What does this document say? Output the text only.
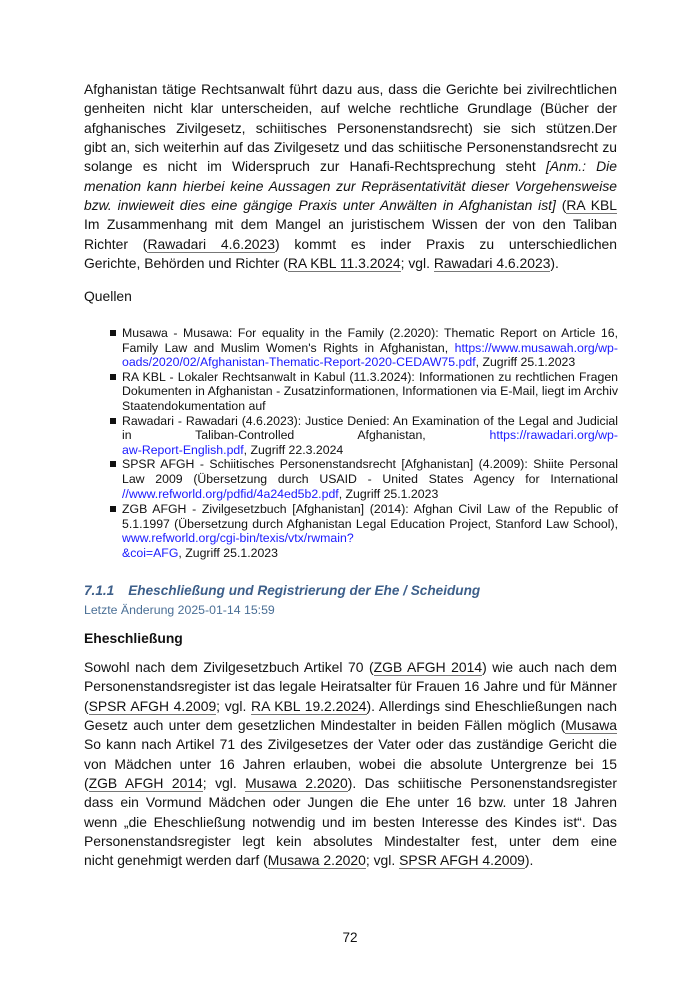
Afghanistan tätige Rechtsanwalt führt dazu aus, dass die Gerichte bei zivilrechtlichen
genheiten nicht klar unterscheiden, auf welche rechtliche Grundlage (Bücher der
afghanisches Zivilgesetz, schiitisches Personenstandsrecht) sie sich stützen.Der
gibt an, sich weiterhin auf das Zivilgesetz und das schiitische Personenstandsrecht zu
solange es nicht im Widerspruch zur Hanafi-Rechtsprechung steht [Anm.: Die
menation kann hierbei keine Aussagen zur Repräsentativität dieser Vorgehensweise
bzw. inwieweit dies eine gängige Praxis unter Anwälten in Afghanistan ist] (RA KBL
Im Zusammenhang mit dem Mangel an juristischem Wissen der von den Taliban
Richter (Rawadari 4.6.2023) kommt es inder Praxis zu unterschiedlichen
Gerichte, Behörden und Richter (RA KBL 11.3.2024; vgl. Rawadari 4.6.2023).
Quellen
Musawa - Musawa: For equality in the Family (2.2020): Thematic Report on Article 16,
Family Law and Muslim Women's Rights in Afghanistan, https://www.musawah.org/wp-
oads/2020/02/Afghanistan-Thematic-Report-2020-CEDAW75.pdf, Zugriff 25.1.2023
RA KBL - Lokaler Rechtsanwalt in Kabul (11.3.2024): Informationen zu rechtlichen Fragen
Dokumenten in Afghanistan - Zusatzinformationen, Informationen via E-Mail, liegt im Archiv
Staatendokumentation auf
Rawadari - Rawadari (4.6.2023): Justice Denied: An Examination of the Legal and Judicial
in Taliban-Controlled Afghanistan, https://rawadari.org/wp-
aw-Report-English.pdf, Zugriff 22.3.2024
SPSR AFGH - Schiitisches Personenstandsrecht [Afghanistan] (4.2009): Shiite Personal
Law 2009 (Übersetzung durch USAID - United States Agency for International
//www.refworld.org/pdfid/4a24ed5b2.pdf, Zugriff 25.1.2023
ZGB AFGH - Zivilgesetzbuch [Afghanistan] (2014): Afghan Civil Law of the Republic of
5.1.1997 (Übersetzung durch Afghanistan Legal Education Project, Stanford Law School),
www.refworld.org/cgi-bin/texis/vtx/rwmain?
&coi=AFG, Zugriff 25.1.2023
7.1.1 Eheschließung und Registrierung der Ehe / Scheidung
Letzte Änderung 2025-01-14 15:59
Eheschließung
Sowohl nach dem Zivilgesetzbuch Artikel 70 (ZGB AFGH 2014) wie auch nach dem
Personenstandsregister ist das legale Heiratsalter für Frauen 16 Jahre und für Männer
(SPSR AFGH 4.2009; vgl. RA KBL 19.2.2024). Allerdings sind Eheschließungen nach
Gesetz auch unter dem gesetzlichen Mindestalter in beiden Fällen möglich (Musawa
So kann nach Artikel 71 des Zivilgesetzes der Vater oder das zuständige Gericht die
von Mädchen unter 16 Jahren erlauben, wobei die absolute Untergrenze bei 15
(ZGB AFGH 2014; vgl. Musawa 2.2020). Das schiitische Personenstandsregister
dass ein Vormund Mädchen oder Jungen die Ehe unter 16 bzw. unter 18 Jahren
wenn „die Eheschließung notwendig und im besten Interesse des Kindes ist“. Das
Personenstandsregister legt kein absolutes Mindestalter fest, unter dem eine
nicht genehmigt werden darf (Musawa 2.2020; vgl. SPSR AFGH 4.2009).
72
